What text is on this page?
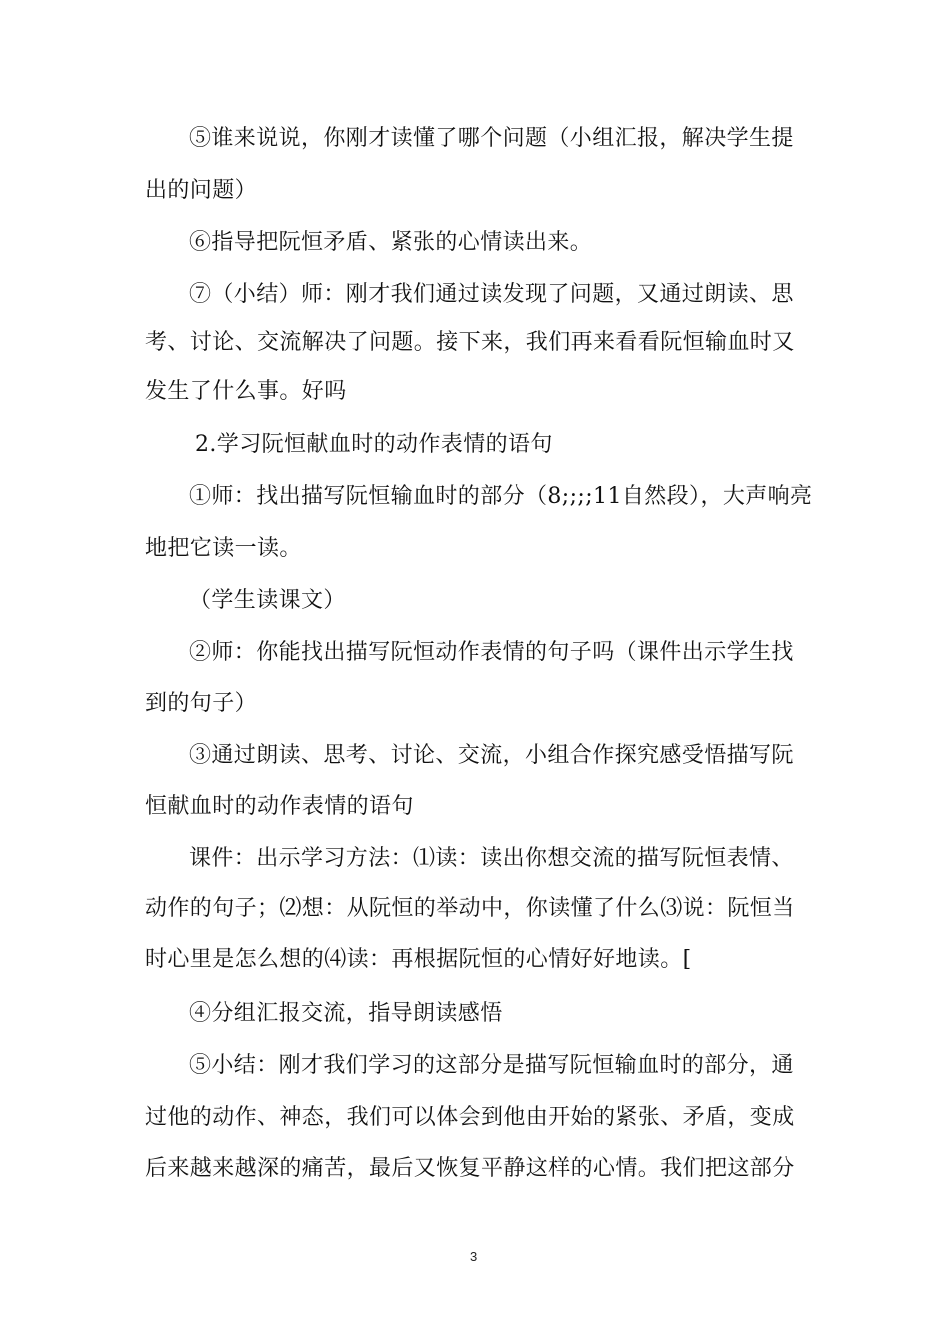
⑤谁来说说，你刚才读懂了哪个问题（小组汇报，解决学生提
出的问题）
⑥指导把阮恒矛盾、紧张的心情读出来。
⑦（小结）师：刚才我们通过读发现了问题，又通过朗读、思
考、讨论、交流解决了问题。接下来，我们再来看看阮恒输血时又
发生了什么事。好吗
2.学习阮恒献血时的动作表情的语句
①师：找出描写阮恒输血时的部分（8;;;;11自然段），大声响亮
地把它读一读。
（学生读课文）
②师：你能找出描写阮恒动作表情的句子吗（课件出示学生找
到的句子）
③通过朗读、思考、讨论、交流，小组合作探究感受悟描写阮
恒献血时的动作表情的语句
课件：出示学习方法：⑴读：读出你想交流的描写阮恒表情、
动作的句子；⑵想：从阮恒的举动中，你读懂了什么⑶说：阮恒当
时心里是怎么想的⑷读：再根据阮恒的心情好好地读。[
④分组汇报交流，指导朗读感悟
⑤小结：刚才我们学习的这部分是描写阮恒输血时的部分，通
过他的动作、神态，我们可以体会到他由开始的紧张、矛盾，变成
后来越来越深的痛苦，最后又恢复平静这样的心情。我们把这部分
3
